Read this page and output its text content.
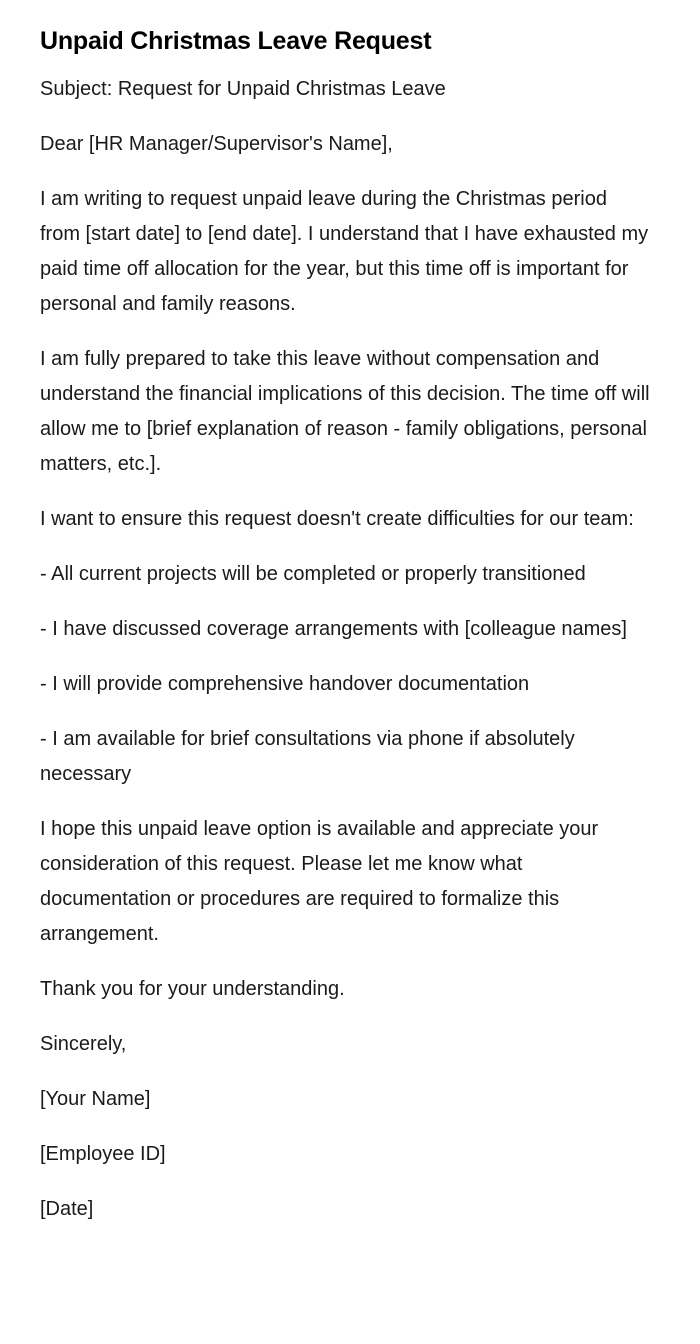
Unpaid Christmas Leave Request

Subject: Request for Unpaid Christmas Leave

Dear [HR Manager/Supervisor's Name],

I am writing to request unpaid leave during the Christmas period from [start date] to [end date]. I understand that I have exhausted my paid time off allocation for the year, but this time off is important for personal and family reasons.

I am fully prepared to take this leave without compensation and understand the financial implications of this decision. The time off will allow me to [brief explanation of reason - family obligations, personal matters, etc.].

I want to ensure this request doesn't create difficulties for our team:

- All current projects will be completed or properly transitioned

- I have discussed coverage arrangements with [colleague names]

- I will provide comprehensive handover documentation

- I am available for brief consultations via phone if absolutely necessary

I hope this unpaid leave option is available and appreciate your consideration of this request. Please let me know what documentation or procedures are required to formalize this arrangement.

Thank you for your understanding.

Sincerely,

[Your Name]

[Employee ID]

[Date]
